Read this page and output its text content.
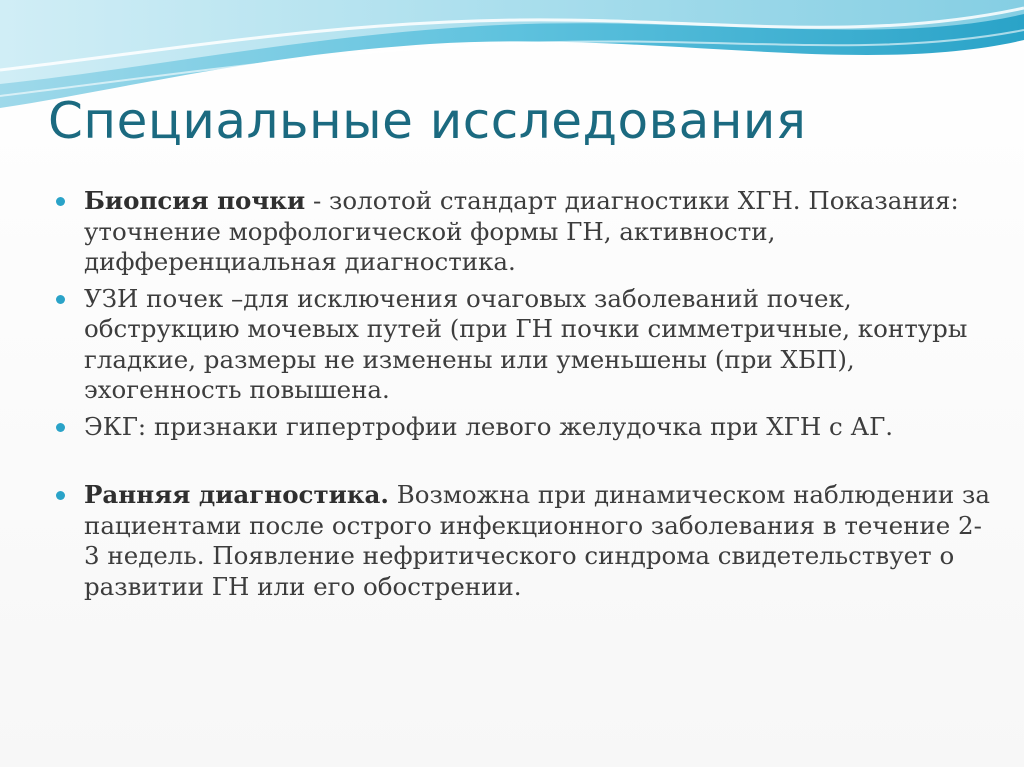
Специальные исследования
Биопсия почки - золотой стандарт диагностики ХГН. Показания: уточнение морфологической формы ГН, активности, дифференциальная диагностика.
УЗИ почек –для исключения очаговых заболеваний почек, обструкцию мочевых путей (при ГН почки симметричные, контуры гладкие, размеры не изменены или уменьшены (при ХБП), эхогенность повышена.
ЭКГ: признаки гипертрофии левого желудочка при ХГН с АГ.
Ранняя диагностика. Возможна при динамическом наблюдении за пациентами после острого инфекционного заболевания в течение 2-3 недель. Появление нефритического синдрома свидетельствует о развитии ГН или его обострении.
